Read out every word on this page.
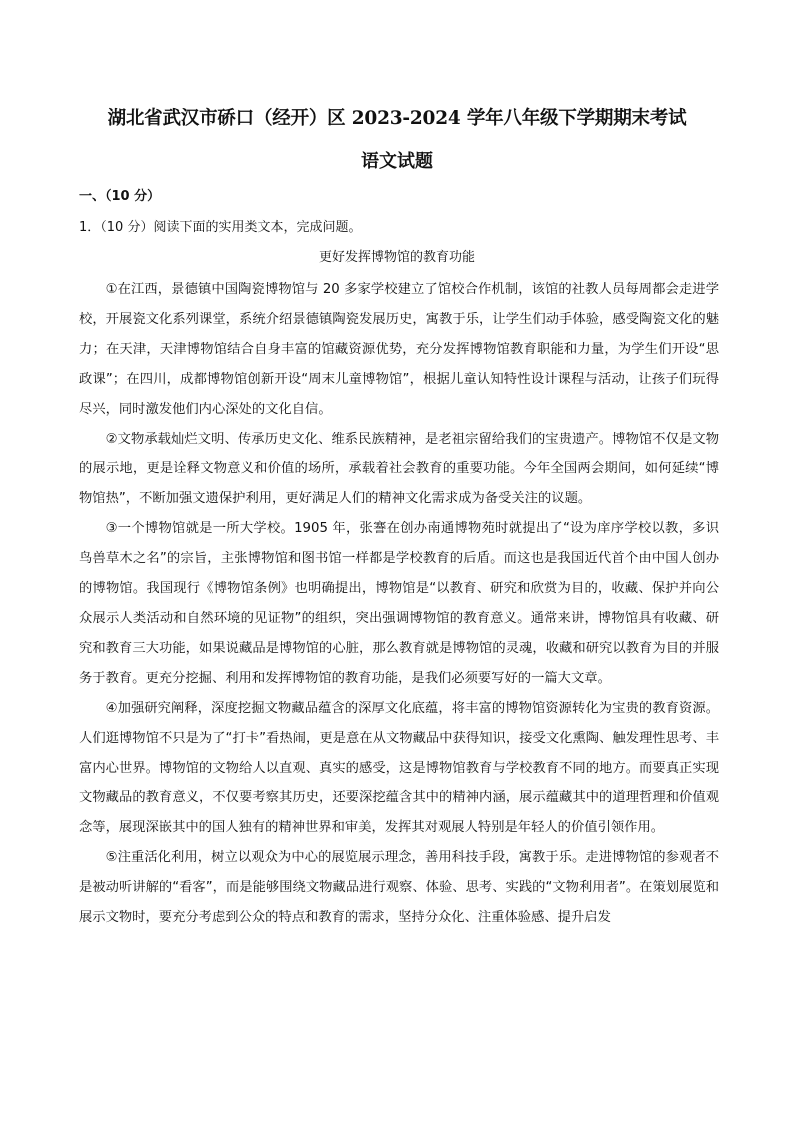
湖北省武汉市硚口（经开）区 2023-2024 学年八年级下学期期末考试
语文试题
一、（10 分）
1．（10 分）阅读下面的实用类文本，完成问题。
更好发挥博物馆的教育功能

①在江西，景德镇中国陶瓷博物馆与 20 多家学校建立了馆校合作机制，该馆的社教人员每周都会走进学校，开展瓷文化系列课堂，系统介绍景德镇陶瓷发展历史，寓教于乐，让学生们动手体验，感受陶瓷文化的魅力；在天津，天津博物馆结合自身丰富的馆藏资源优势，充分发挥博物馆教育职能和力量，为学生们开设“思政课”；在四川，成都博物馆创新开设“周末儿童博物馆”，根据儿童认知特性设计课程与活动，让孩子们玩得尽兴，同时激发他们内心深处的文化自信。

②文物承载灿烂文明、传承历史文化、维系民族精神，是老祖宗留给我们的宝贵遗产。博物馆不仅是文物的展示地，更是诠释文物意义和价值的场所，承载着社会教育的重要功能。今年全国两会期间，如何延续“博物馆热”，不断加强文遗保护利用，更好满足人们的精神文化需求成为备受关注的议题。

③一个博物馆就是一所大学校。1905 年，张謇在创办南通博物苑时就提出了“设为庠序学校以教，多识鸟兽草木之名”的宗旨，主张博物馆和图书馆一样都是学校教育的后盾。而这也是我国近代首个由中国人创办的博物馆。我国现行《博物馆条例》也明确提出，博物馆是“以教育、研究和欣赏为目的，收藏、保护并向公众展示人类活动和自然环境的见证物”的组织，突出强调博物馆的教育意义。通常来讲，博物馆具有收藏、研究和教育三大功能，如果说藏品是博物馆的心脏，那么教育就是博物馆的灵魂，收藏和研究以教育为目的并服务于教育。更充分挖掘、利用和发挥博物馆的教育功能，是我们必须要写好的一篇大文章。

④加强研究阐释，深度挖掘文物藏品蕴含的深厚文化底蕴，将丰富的博物馆资源转化为宝贵的教育资源。人们逛博物馆不只是为了“打卡”看热闹，更是意在从文物藏品中获得知识，接受文化熏陶、触发理性思考、丰富内心世界。博物馆的文物给人以直观、真实的感受，这是博物馆教育与学校教育不同的地方。而要真正实现文物藏品的教育意义，不仅要考察其历史，还要深挖蕴含其中的精神内涵，展示蕴藏其中的道理哲理和价值观念等，展现深嵌其中的国人独有的精神世界和审美，发挥其对观展人特别是年轻人的价值引领作用。

⑤注重活化利用，树立以观众为中心的展览展示理念，善用科技手段，寓教于乐。走进博物馆的参观者不是被动听讲解的“看客”，而是能够围绕文物藏品进行观察、体验、思考、实践的“文物利用者”。在策划展览和展示文物时，要充分考虑到公众的特点和教育的需求，坚持分众化、注重体验感、提升启发
